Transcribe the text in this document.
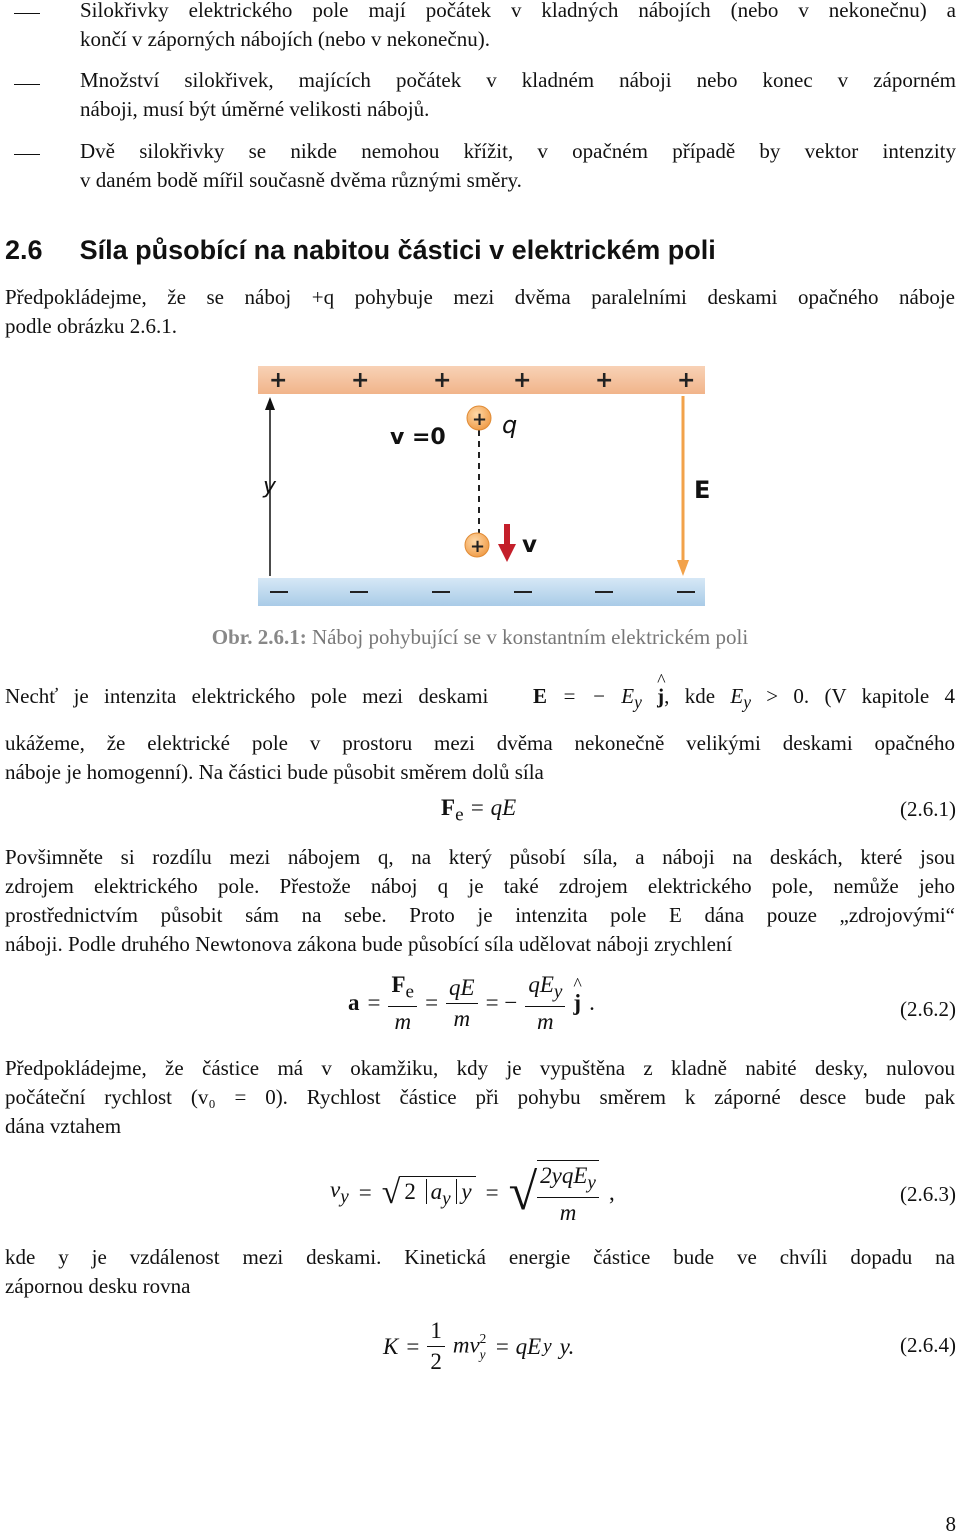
Silokřivky elektrického pole mají počátek v kladných nábojích (nebo v nekonečnu) a
končí v záporných nábojích (nebo v nekonečnu).
Množství silokřivek, majících počátek v kladném náboji nebo konec v záporném
náboji, musí být úměrné velikosti nábojů.
Dvě silokřivky se nikde nemohou křížit, v opačném případě by vektor intenzity
v daném bodě mířil současně dvěma různými směry.
2.6 Síla působící na nabitou částici v elektrickém poli
Předpokládejme, že se náboj +q pohybuje mezi dvěma paralelními deskami opačného náboje
podle obrázku 2.6.1.
+	+	+	+	+	+
y
v =0
+ q
+ v
E
Obr. 2.6.1: Náboj pohybující se v konstantním elektrickém poli
Nechť je intenzita elektrického pole mezi deskami E = − $E_y$ ^ j, kde $E_y > 0$. (V kapitole 4
ukážeme, že elektrické pole v prostoru mezi dvěma nekonečně velikými deskami opačného
náboje je homogenní). Na částici bude působit směrem dolů síla
$F_e$ = qE	(2.6.1)
Povšimněte si rozdílu mezi nábojem q, na který působí síla, a náboji na deskách, které jsou
zdrojem elektrického pole. Přestože náboj q je také zdrojem elektrického pole, nemůže jeho
prostřednictvím působit sám na sebe. Proto je intenzita pole E dána pouze „zdrojovými“
náboji. Podle druhého Newtonova zákona bude působící síla udělovat náboji zrychlení
$a = \frac{F_e}{m} = \frac{qE}{m}$ = − $\frac{qE_y}{m}$ ^ j .	(2.6.2)
Předpokládejme, že částice má v okamžiku, kdy je vypuštěna z kladně nabité desky, nulovou
počáteční rychlost (v₀ = 0). Rychlost částice při pohybu směrem k záporné desce bude pak
dána vztahem
$v_y$ = √ 2 $a_y$ y = √ $\frac{2yqE_y}{m}$ ,	(2.6.3)
kde y je vzdálenost mezi deskami. Kinetická energie částice bude ve chvíli dopadu na
zápornou desku rovna
$K = \frac{1}{2}$ mv 2
y = qE y y.	(2.6.4)
8
